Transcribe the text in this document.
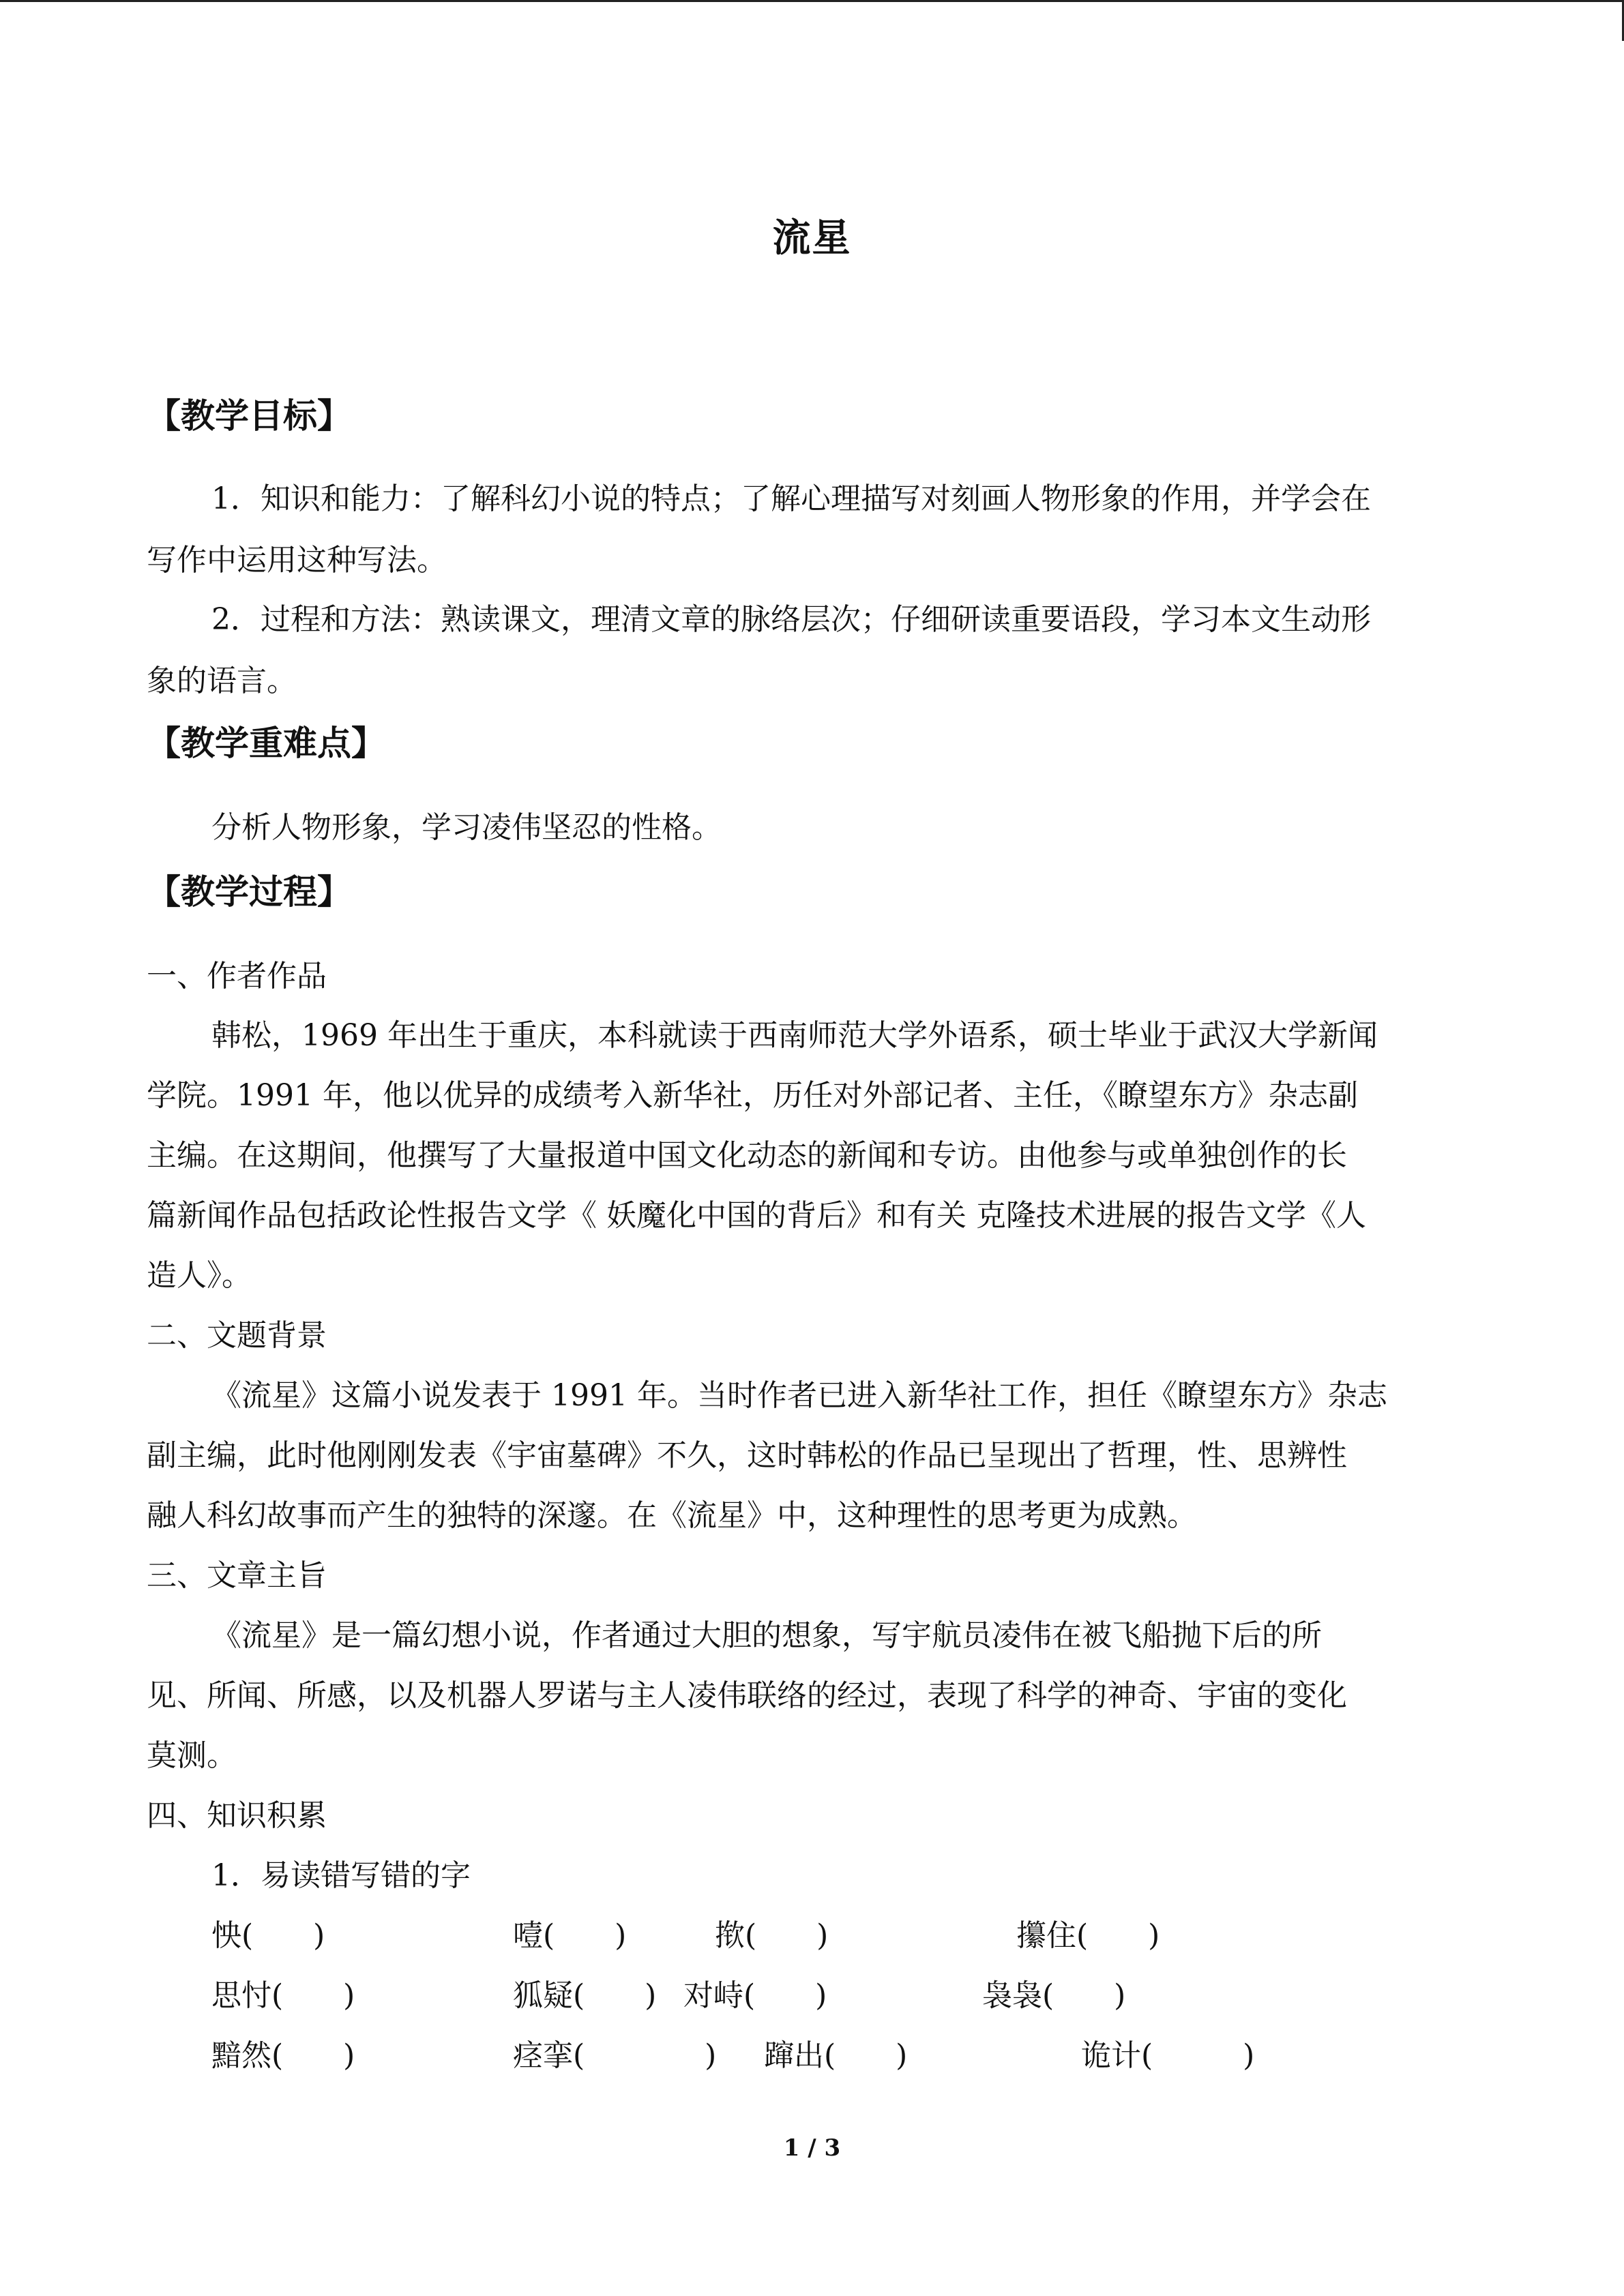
流星
【教学目标】
1．知识和能力：了解科幻小说的特点；了解心理描写对刻画人物形象的作用，并学会在
写作中运用这种写法。
2．过程和方法：熟读课文，理清文章的脉络层次；仔细研读重要语段，学习本文生动形
象的语言。
【教学重难点】
分析人物形象，学习凌伟坚忍的性格。
【教学过程】
一、作者作品
韩松，1969 年出生于重庆，本科就读于西南师范大学外语系，硕士毕业于武汉大学新闻
学院。1991 年，他以优异的成绩考入新华社，历任对外部记者、主任，《瞭望东方》杂志副
主编。在这期间，他撰写了大量报道中国文化动态的新闻和专访。由他参与或单独创作的长
篇新闻作品包括政论性报告文学《 妖魔化中国的背后》和有关 克隆技术进展的报告文学《人
造人》。
二、文题背景
《流星》这篇小说发表于 1991 年。当时作者已进入新华社工作，担任《瞭望东方》杂志
副主编，此时他刚刚发表《宇宙墓碑》不久，这时韩松的作品已呈现出了哲理，性、思辨性
融人科幻故事而产生的独特的深邃。在《流星》中，这种理性的思考更为成熟。
三、文章主旨
《流星》是一篇幻想小说，作者通过大胆的想象，写宇航员凌伟在被飞船抛下后的所
见、所闻、所感，以及机器人罗诺与主人凌伟联络的经过，表现了科学的神奇、宇宙的变化
莫测。
四、知识积累
1．易读错写错的字
怏(　　)	噎(　　)	揿(　　)	攥住(　　)
思忖(　　)	狐疑(　　) 对峙(　　)	袅袅(　　)
黯然(　　)	痉挛(　　　　) 蹿出(　　)	诡计(　　　)
1 / 3
